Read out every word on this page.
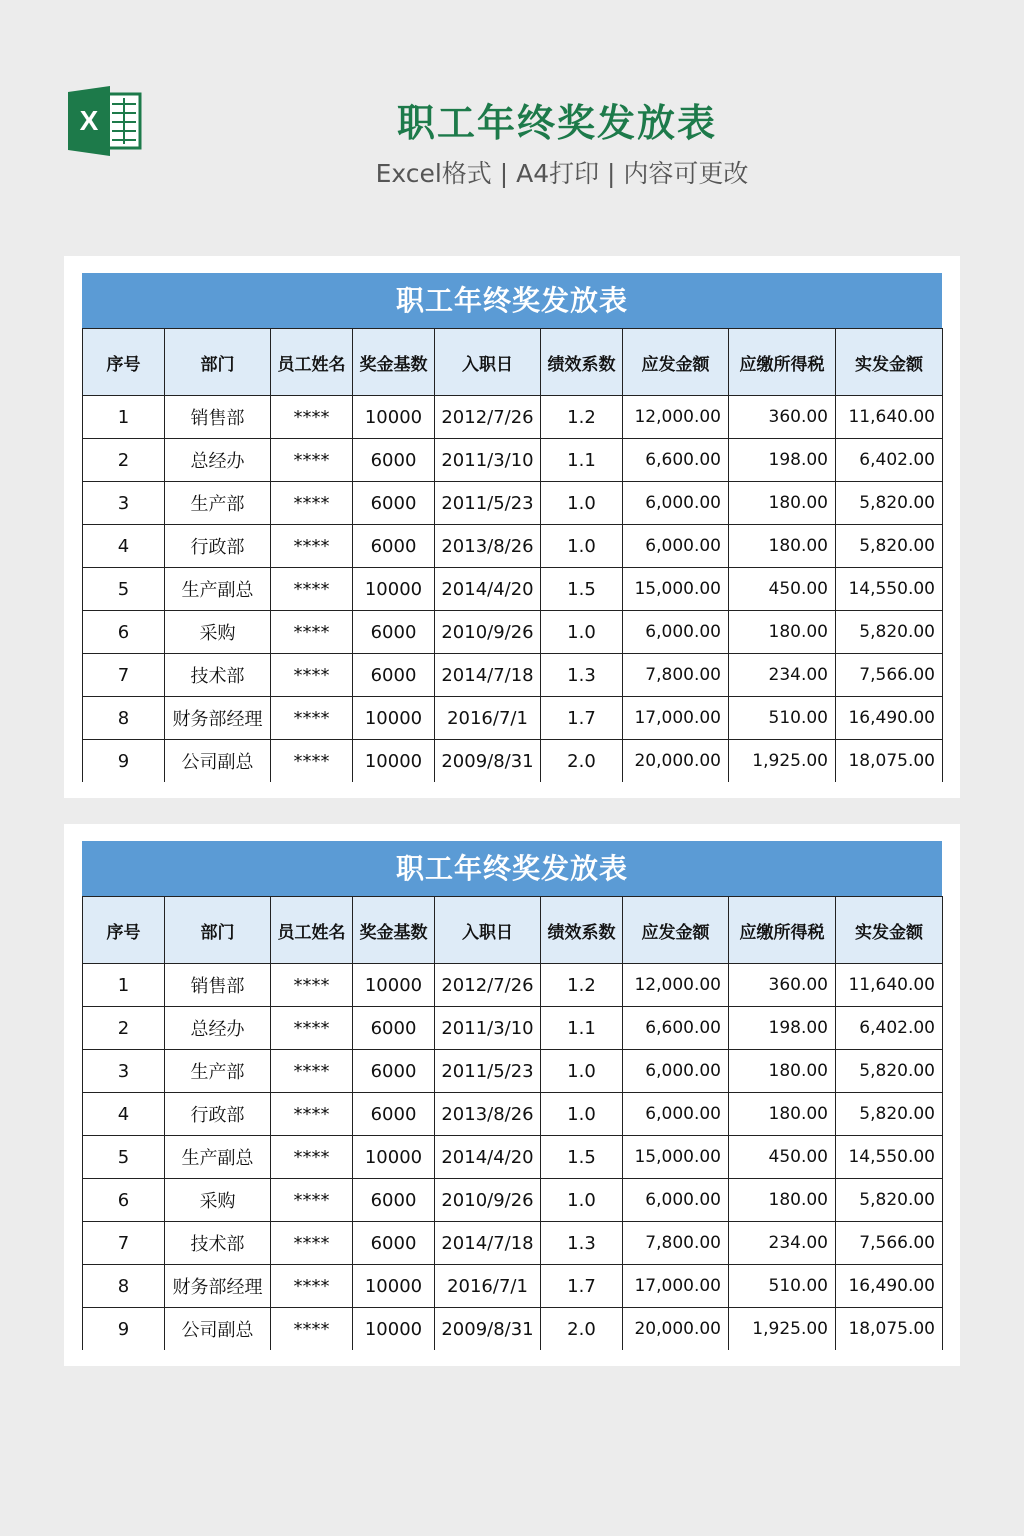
X	职工年终奖发放表
Excel格式 | A4打印 | 内容可更改
职工年终奖发放表
序号	部门	员工姓名	奖金基数	入职日	绩效系数	应发金额	应缴所得税	实发金额
1	销售部	****	10000	2012/7/26	1.2	12,000.00	360.00	11,640.00
2	总经办	****	6000	2011/3/10	1.1	6,600.00	198.00	6,402.00
3	生产部	****	6000	2011/5/23	1.0	6,000.00	180.00	5,820.00
4	行政部	****	6000	2013/8/26	1.0	6,000.00	180.00	5,820.00
5	生产副总	****	10000	2014/4/20	1.5	15,000.00	450.00	14,550.00
6	采购	****	6000	2010/9/26	1.0	6,000.00	180.00	5,820.00
7	技术部	****	6000	2014/7/18	1.3	7,800.00	234.00	7,566.00
8	财务部经理	****	10000	2016/7/1	1.7	17,000.00	510.00	16,490.00
9	公司副总	****	10000	2009/8/31	2.0	20,000.00	1,925.00	18,075.00
职工年终奖发放表
序号	部门	员工姓名	奖金基数	入职日	绩效系数	应发金额	应缴所得税	实发金额
1	销售部	****	10000	2012/7/26	1.2	12,000.00	360.00	11,640.00
2	总经办	****	6000	2011/3/10	1.1	6,600.00	198.00	6,402.00
3	生产部	****	6000	2011/5/23	1.0	6,000.00	180.00	5,820.00
4	行政部	****	6000	2013/8/26	1.0	6,000.00	180.00	5,820.00
5	生产副总	****	10000	2014/4/20	1.5	15,000.00	450.00	14,550.00
6	采购	****	6000	2010/9/26	1.0	6,000.00	180.00	5,820.00
7	技术部	****	6000	2014/7/18	1.3	7,800.00	234.00	7,566.00
8	财务部经理	****	10000	2016/7/1	1.7	17,000.00	510.00	16,490.00
9	公司副总	****	10000	2009/8/31	2.0	20,000.00	1,925.00	18,075.00
